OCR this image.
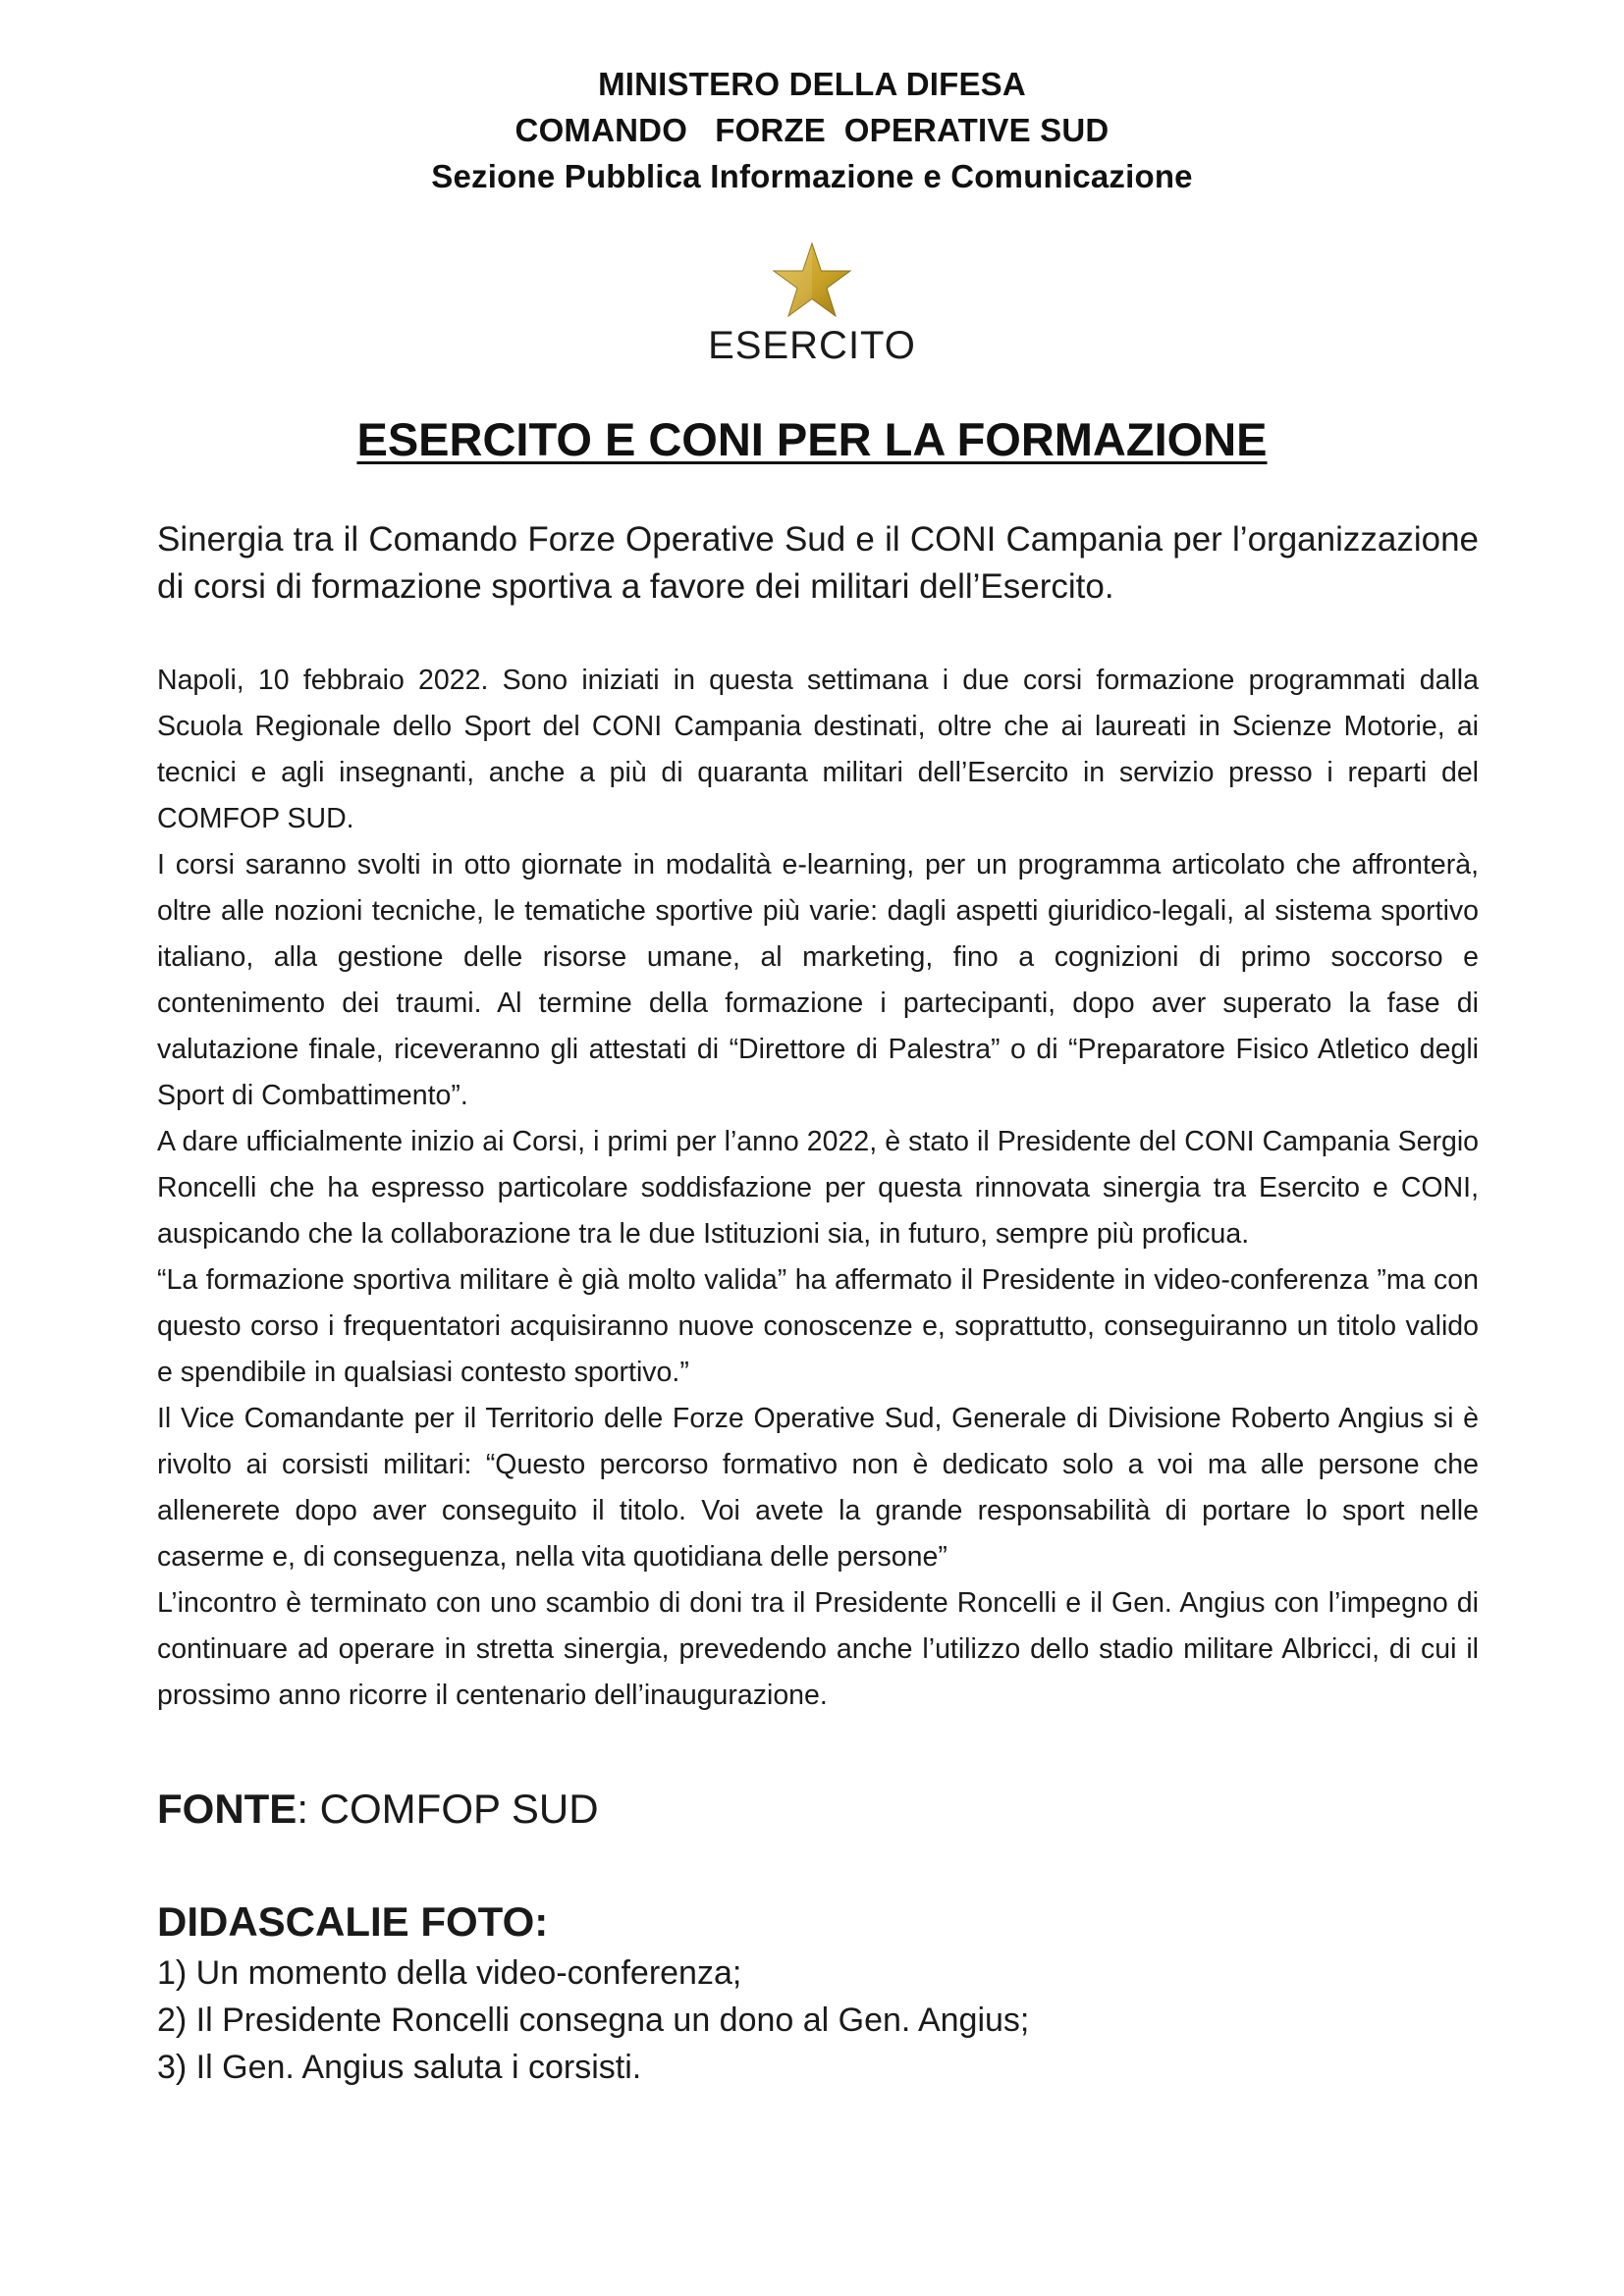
MINISTERO DELLA DIFESA
COMANDO   FORZE  OPERATIVE SUD
Sezione Pubblica Informazione e Comunicazione
ESERCITO
ESERCITO E CONI PER LA FORMAZIONE
Sinergia tra il Comando Forze Operative Sud e il CONI Campania per l’organizzazione di corsi di formazione sportiva a favore dei militari dell’Esercito.

Napoli, 10 febbraio 2022. Sono iniziati in questa settimana i due corsi formazione programmati dalla Scuola Regionale dello Sport del CONI Campania destinati, oltre che ai laureati in Scienze Motorie, ai tecnici e agli insegnanti, anche a più di quaranta militari dell’Esercito in servizio presso i reparti del COMFOP SUD.

I corsi saranno svolti in otto giornate in modalità e-learning, per un programma articolato che affronterà, oltre alle nozioni tecniche, le tematiche sportive più varie: dagli aspetti giuridico-legali, al sistema sportivo italiano, alla gestione delle risorse umane, al marketing, fino a cognizioni di primo soccorso e contenimento dei traumi. Al termine della formazione i partecipanti, dopo aver superato la fase di valutazione finale, riceveranno gli attestati di “Direttore di Palestra” o di “Preparatore Fisico Atletico degli Sport di Combattimento”.

A dare ufficialmente inizio ai Corsi, i primi per l’anno 2022, è stato il Presidente del CONI Campania Sergio Roncelli che ha espresso particolare soddisfazione per questa rinnovata sinergia tra Esercito e CONI, auspicando che la collaborazione tra le due Istituzioni sia, in futuro, sempre più proficua.

“La formazione sportiva militare è già molto valida” ha affermato il Presidente in video-conferenza ”ma con questo corso i frequentatori acquisiranno nuove conoscenze e, soprattutto, conseguiranno un titolo valido e spendibile in qualsiasi contesto sportivo.”

Il Vice Comandante per il Territorio delle Forze Operative Sud, Generale di Divisione Roberto Angius si è rivolto ai corsisti militari: “Questo percorso formativo non è dedicato solo a voi ma alle persone che allenerete dopo aver conseguito il titolo. Voi avete la grande responsabilità di portare lo sport nelle caserme e, di conseguenza, nella vita quotidiana delle persone”

L’incontro è terminato con uno scambio di doni tra il Presidente Roncelli e il Gen. Angius con l’impegno di continuare ad operare in stretta sinergia, prevedendo anche l’utilizzo dello stadio militare Albricci, di cui il prossimo anno ricorre il centenario dell’inaugurazione.

FONTE: COMFOP SUD
DIDASCALIE FOTO:
1) Un momento della video-conferenza;
2) Il Presidente Roncelli consegna un dono al Gen. Angius;
3) Il Gen. Angius saluta i corsisti.
